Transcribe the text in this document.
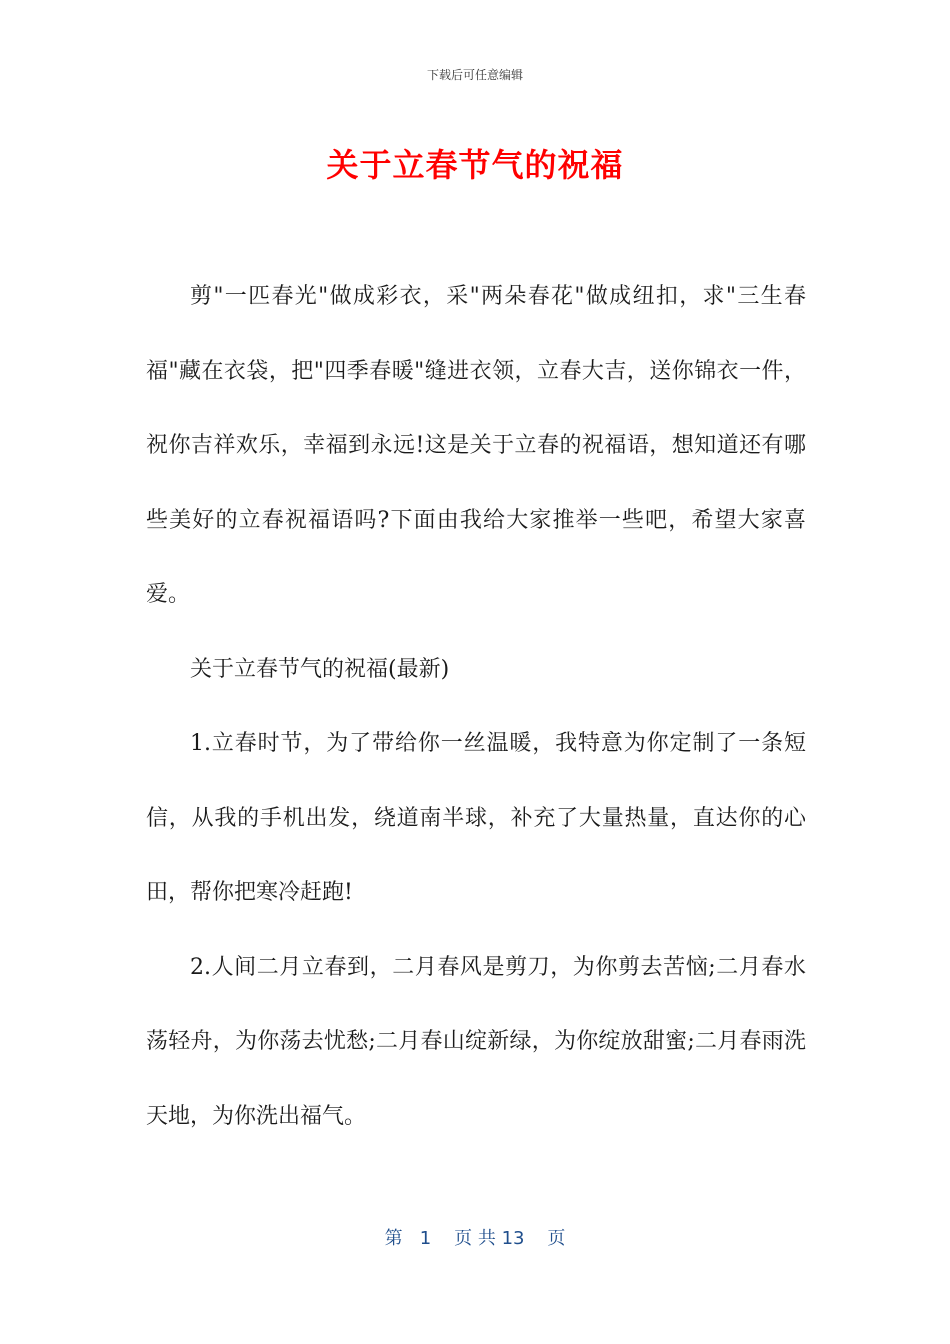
下载后可任意编辑
关于立春节气的祝福

剪"一匹春光"做成彩衣，采"两朵春花"做成纽扣，求"三生春福"藏在衣袋，把"四季春暖"缝进衣领，立春大吉，送你锦衣一件，祝你吉祥欢乐，幸福到永远!这是关于立春的祝福语，想知道还有哪些美好的立春祝福语吗?下面由我给大家推举一些吧，希望大家喜爱。

关于立春节气的祝福(最新)

1.立春时节，为了带给你一丝温暖，我特意为你定制了一条短信，从我的手机出发，绕道南半球，补充了大量热量，直达你的心田，帮你把寒冷赶跑!

2.人间二月立春到，二月春风是剪刀，为你剪去苦恼;二月春水荡轻舟，为你荡去忧愁;二月春山绽新绿，为你绽放甜蜜;二月春雨洗天地，为你洗出福气。

第 1 页 共 13 页
